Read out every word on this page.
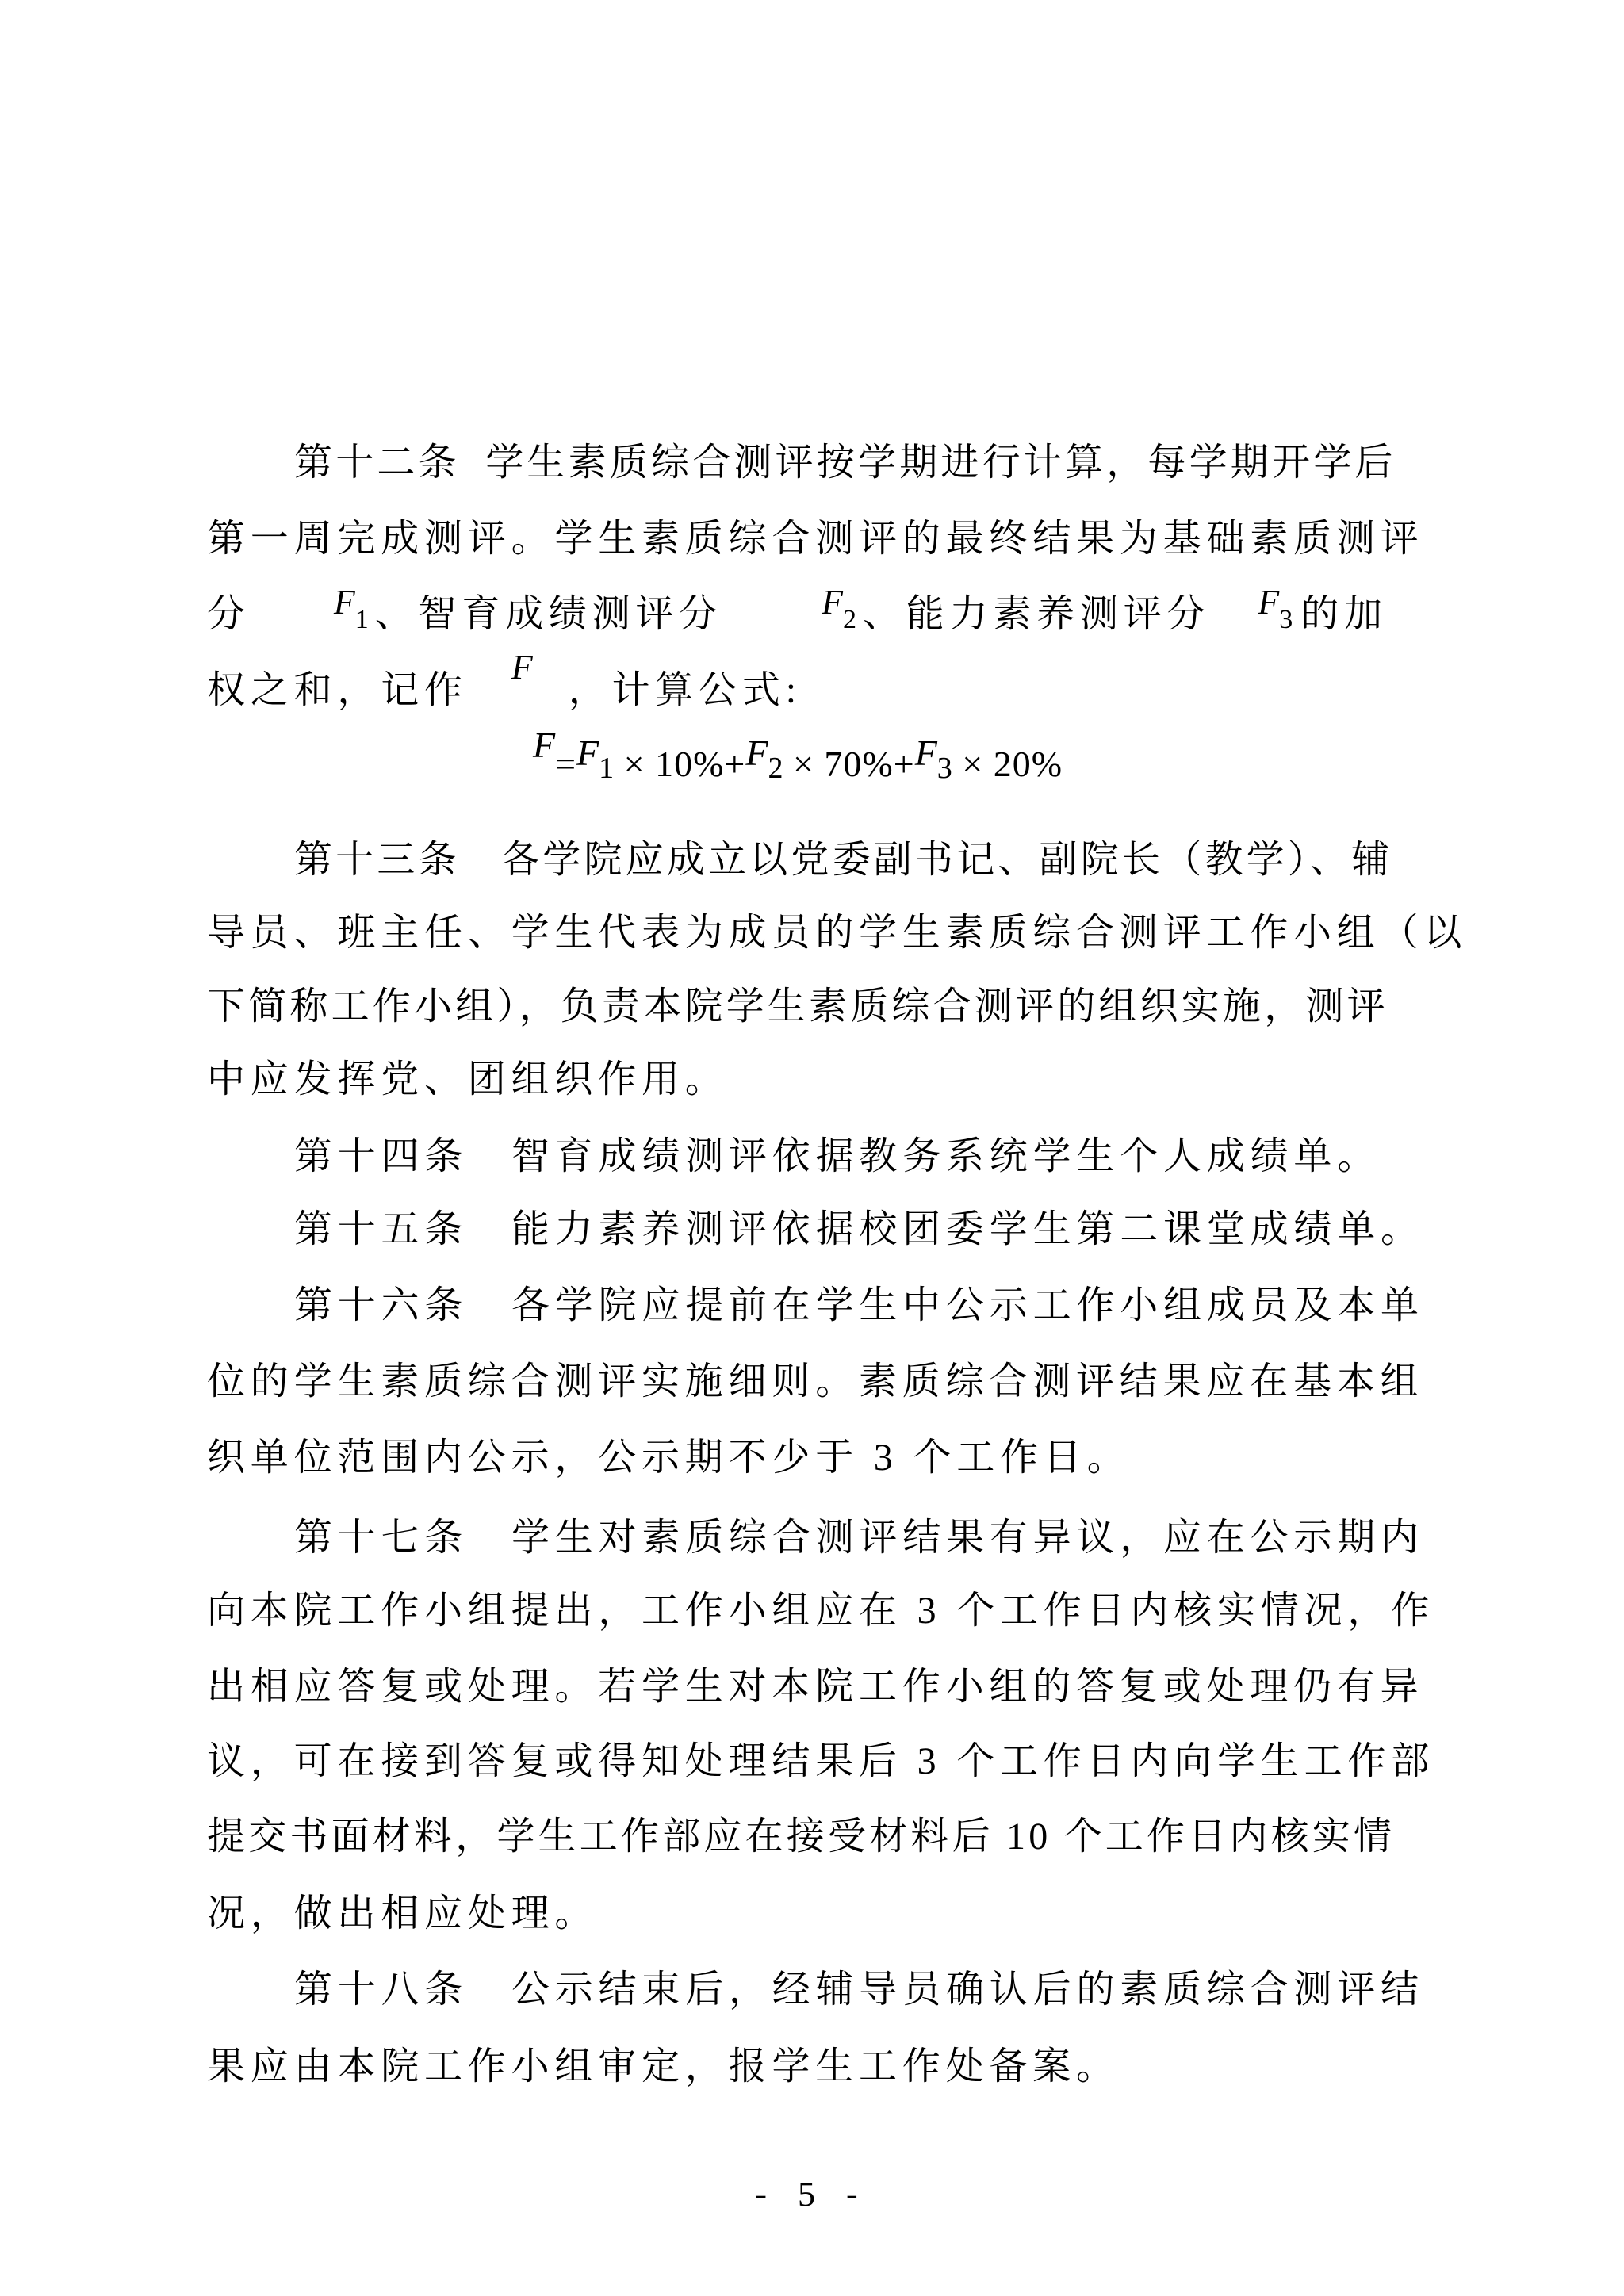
第十二条  学生素质综合测评按学期进行计算，每学期开学后

第一周完成测评。学生素质综合测评的最终结果为基础素质测评

分 F1 、智育成绩测评分	F2 、能力素养测评分 F3 的加

权之和，记作F，计算公式:

F=F1 × 10%+F2 × 70%+F3 × 20%

第十三条　各学院应成立以党委副书记、副院长（教学）、辅

导员、班主任、学生代表为成员的学生素质综合测评工作小组（以

下简称工作小组），负责本院学生素质综合测评的组织实施，测评

中应发挥党、团组织作用。

第十四条　智育成绩测评依据教务系统学生个人成绩单。

第十五条　能力素养测评依据校团委学生第二课堂成绩单。

第十六条　各学院应提前在学生中公示工作小组成员及本单

位的学生素质综合测评实施细则。素质综合测评结果应在基本组

织单位范围内公示，公示期不少于 3 个工作日。

第十七条　学生对素质综合测评结果有异议，应在公示期内

向本院工作小组提出，工作小组应在 3 个工作日内核实情况，作

出相应答复或处理。若学生对本院工作小组的答复或处理仍有异

议，可在接到答复或得知处理结果后 3 个工作日内向学生工作部

提交书面材料，学生工作部应在接受材料后 10 个工作日内核实情

况，做出相应处理。

第十八条　公示结束后，经辅导员确认后的素质综合测评结

果应由本院工作小组审定，报学生工作处备案。

- 5 -
